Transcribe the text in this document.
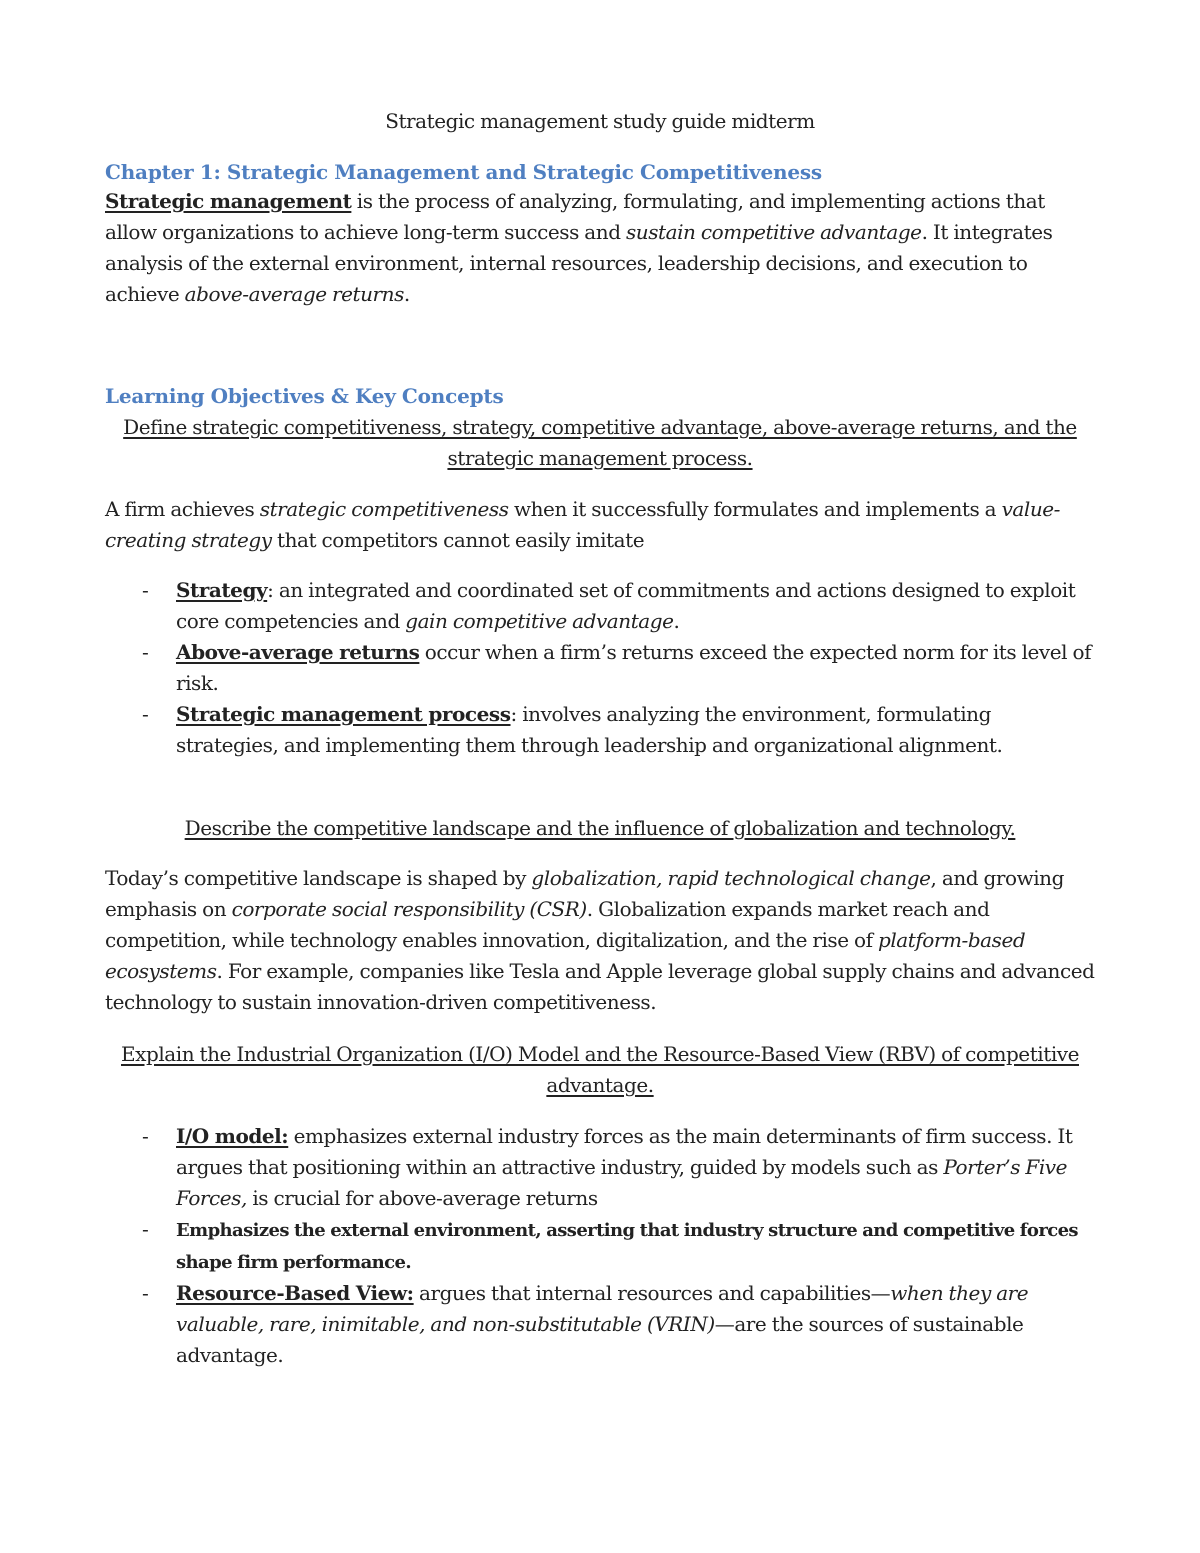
Strategic management study guide midterm

Chapter 1: Strategic Management and Strategic Competitiveness

Strategic management is the process of analyzing, formulating, and implementing actions that allow organizations to achieve long-term success and sustain competitive advantage. It integrates analysis of the external environment, internal resources, leadership decisions, and execution to achieve above-average returns.

Learning Objectives & Key Concepts

Define strategic competitiveness, strategy, competitive advantage, above-average returns, and the strategic management process.

A firm achieves strategic competitiveness when it successfully formulates and implements a value-creating strategy that competitors cannot easily imitate

- Strategy: an integrated and coordinated set of commitments and actions designed to exploit core competencies and gain competitive advantage.
- Above-average returns occur when a firm’s returns exceed the expected norm for its level of risk.
- Strategic management process: involves analyzing the environment, formulating strategies, and implementing them through leadership and organizational alignment.

Describe the competitive landscape and the influence of globalization and technology.

Today’s competitive landscape is shaped by globalization, rapid technological change, and growing emphasis on corporate social responsibility (CSR). Globalization expands market reach and competition, while technology enables innovation, digitalization, and the rise of platform-based ecosystems. For example, companies like Tesla and Apple leverage global supply chains and advanced technology to sustain innovation-driven competitiveness.

Explain the Industrial Organization (I/O) Model and the Resource-Based View (RBV) of competitive advantage.

- I/O model: emphasizes external industry forces as the main determinants of firm success. It argues that positioning within an attractive industry, guided by models such as Porter’s Five Forces, is crucial for above-average returns
- Emphasizes the external environment, asserting that industry structure and competitive forces shape firm performance.
- Resource-Based View: argues that internal resources and capabilities—when they are valuable, rare, inimitable, and non-substitutable (VRIN)—are the sources of sustainable advantage.
